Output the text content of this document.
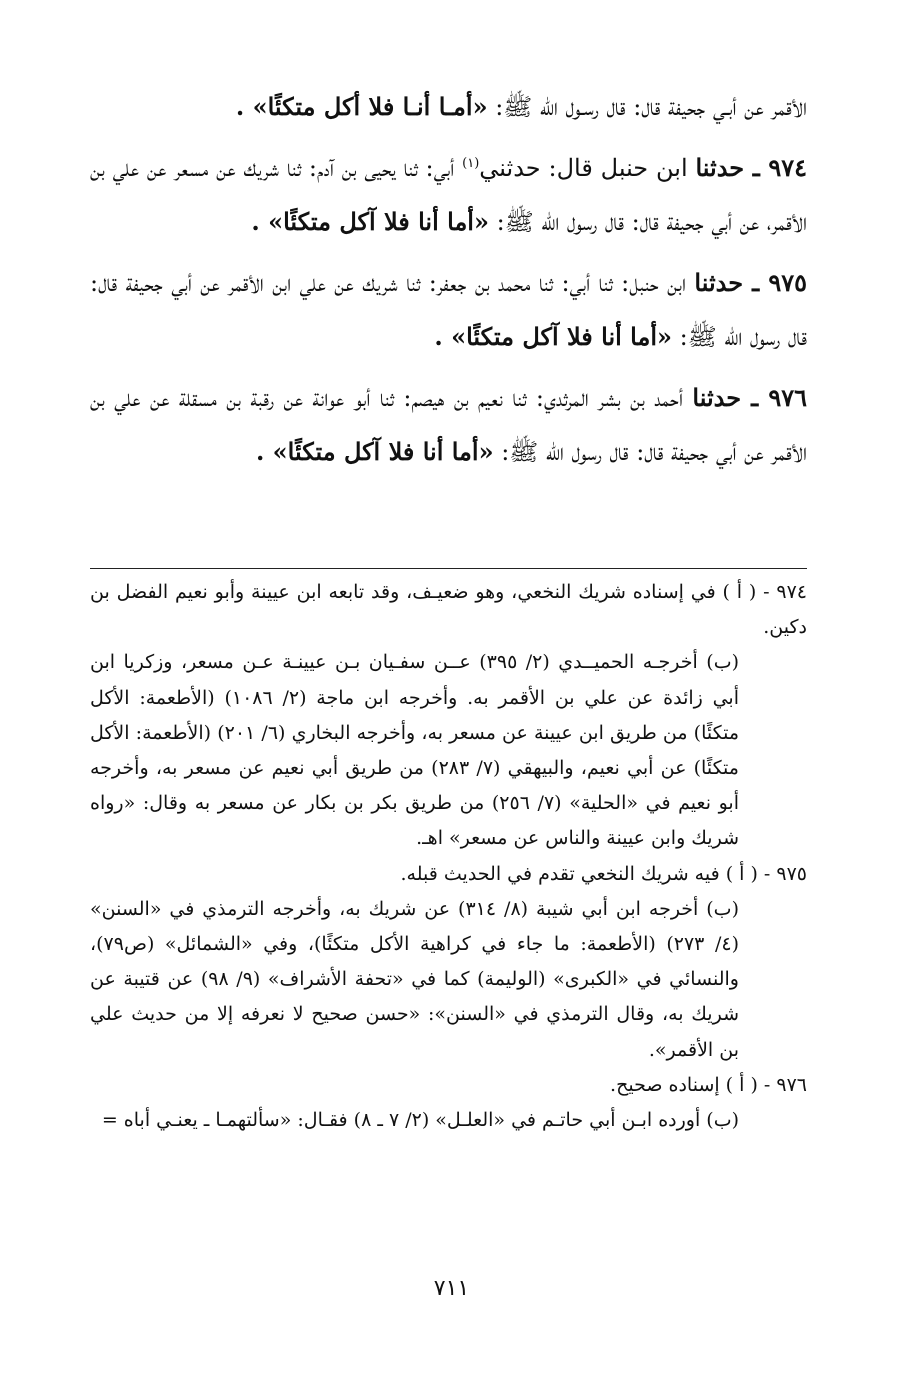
الأقمر عن أبـي جحيفة قال: قال رسـول الله ﷺ: «أمـا أنـا فلا أكل متكئًا» .

٩٧٤ ـ حدثنا ابن حنبل قال: حدثني$^{(١)}$ أبي: ثنا يحيى بن آدم: ثنا شريك عن مسعر عن علي بن الأقمر، عن أبي جحيفة قال: قال رسول الله ﷺ: «أما أنا فلا آكل متكئًا» .

٩٧٥ ـ حدثنا ابن حنبل: ثنا أبي: ثنا محمد بن جعفر: ثنا شريك عن علي ابن الأقمر عن أبي جحيفة قال: قال رسول الله ﷺ: «أما أنا فلا آكل متكئًا» .

٩٧٦ ـ حدثنا أحمد بن بشر المرثدي: ثنا نعيم بن هيصم: ثنا أبو عوانة عن رقبة بن مسقلة عن علي بن الأقمر عن أبي جحيفة قال: قال رسول الله ﷺ: «أما أنا فلا آكل متكئًا» .

٩٧٤ - ( أ ) في إسناده شريك النخعي، وهو ضعيـف، وقد تابعه ابن عيينة وأبو نعيم الفضل بن دكين.

(ب) أخرجـه الحميــدي (٢/ ٣٩٥) عــن سفـيان بـن عيينـة عـن مسعر، وزكريا ابن أبي زائدة عن علي بن الأقمر به. وأخرجه ابن ماجة (٢/ ١٠٨٦) (الأطعمة: الأكل متكئًا) من طريق ابن عيينة عن مسعر به، وأخرجه البخاري (٦/ ٢٠١) (الأطعمة: الأكل متكئًا) عن أبي نعيم، والبيهقي (٧/ ٢٨٣) من طريق أبي نعيم عن مسعر به، وأخرجه أبو نعيم في «الحلية» (٧/ ٢٥٦) من طريق بكر بن بكار عن مسعر به وقال: «رواه شريك وابن عيينة والناس عن مسعر» اهـ.

٩٧٥ - ( أ ) فيه شريك النخعي تقدم في الحديث قبله.

(ب) أخرجه ابن أبي شيبة (٨/ ٣١٤) عن شريك به، وأخرجه الترمذي في «السنن» (٤/ ٢٧٣) (الأطعمة: ما جاء في كراهية الأكل متكئًا)، وفي «الشمائل» (ص٧٩)، والنسائي في «الكبرى» (الوليمة) كما في «تحفة الأشراف» (٩/ ٩٨) عن قتيبة عن شريك به، وقال الترمذي في «السنن»: «حسن صحيح لا نعرفه إلا من حديث علي بن الأقمر».

٩٧٦ - ( أ ) إسناده صحيح.

(ب) أورده ابـن أبي حاتـم في «العلـل» (٢/ ٧ ـ ٨) فقـال: «سألتهمـا ـ يعنـي أباه =

٧١١
